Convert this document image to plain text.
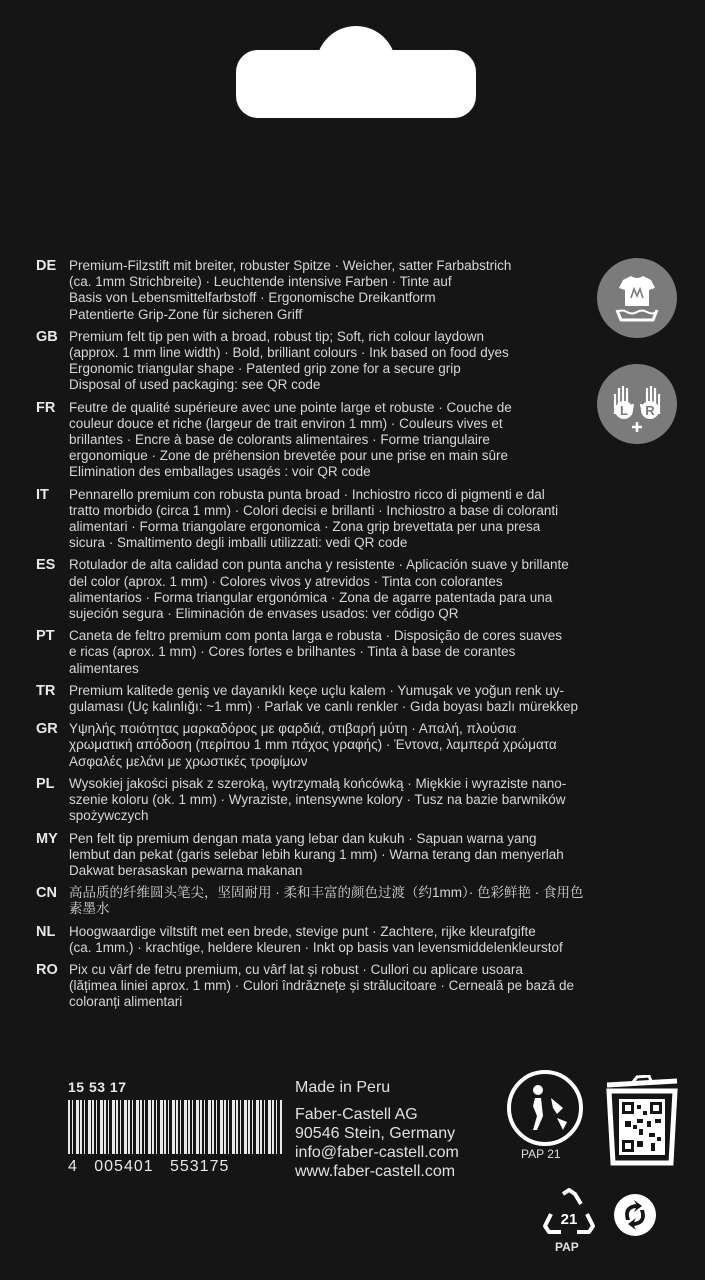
DE Premium-Filzstift mit breiter, robuster Spitze · Weicher, satter Farbabstrich
(ca. 1mm Strichbreite) · Leuchtende intensive Farben · Tinte auf
Basis von Lebensmittelfarbstoff · Ergonomische Dreikantform
Patentierte Grip-Zone für sicheren Griff
GB Premium felt tip pen with a broad, robust tip; Soft, rich colour laydown
(approx. 1 mm line width) · Bold, brilliant colours · Ink based on food dyes
Ergonomic triangular shape · Patented grip zone for a secure grip
Disposal of used packaging: see QR code
FR	Feutre de qualité supérieure avec une pointe large et robuste · Couche de
couleur douce et riche (largeur de trait environ 1 mm) · Couleurs vives et
brillantes · Encre à base de colorants alimentaires · Forme triangulaire
ergonomique · Zone de préhension brevetée pour une prise en main sûre
Elimination des emballages usagés : voir QR code
IT	Pennarello premium con robusta punta broad · Inchiostro ricco di pigmenti e dal
tratto morbido (circa 1 mm) · Colori decisi e brillanti · Inchiostro a base di coloranti
alimentari · Forma triangolare ergonomica · Zona grip brevettata per una presa
sicura · Smaltimento degli imballi utilizzati: vedi QR code
ES	Rotulador de alta calidad con punta ancha y resistente · Aplicación suave y brillante
del color (aprox. 1 mm) · Colores vivos y atrevidos · Tinta con colorantes
alimentarios · Forma triangular ergonómica · Zona de agarre patentada para una
sujeción segura · Eliminación de envases usados: ver código QR
PT	Caneta de feltro premium com ponta larga e robusta · Disposição de cores suaves
e ricas (aprox. 1 mm) · Cores fortes e brilhantes · Tinta à base de corantes
alimentares
TR	Premium kalitede geniş ve dayanıklı keçe uçlu kalem · Yumuşak ve yoğun renk uy-
gulaması (Uç kalınlığı: ~1 mm) · Parlak ve canlı renkler · Gıda boyası bazlı mürekkep
GR Υψηλής ποιότητας μαρκαδόρος με φαρδιά, στιβαρή μύτη · Απαλή, πλούσια
χρωματική απόδοση (περίπου 1 mm πάχος γραφής) · Έντονα, λαμπερά χρώματα
Ασφαλές μελάνι με χρωστικές τροφίμων
PL	Wysokiej jakości pisak z szeroką, wytrzymałą końcówką · Miękkie i wyraziste nano-
szenie koloru (ok. 1 mm) · Wyraziste, intensywne kolory · Tusz na bazie barwników
spożywczych
MY Pen felt tip premium dengan mata yang lebar dan kukuh · Sapuan warna yang
lembut dan pekat (garis selebar lebih kurang 1 mm) · Warna terang dan menyerlah
Dakwat berasaskan pewarna makanan
CN 高品质的纤维圆头笔尖，坚固耐用 · 柔和丰富的颜色过渡（约1mm）· 色彩鲜艳 · 食用色素墨水
NL	Hoogwaardige viltstift met een brede, stevige punt · Zachtere, rijke kleurafgifte
(ca. 1mm.) · krachtige, heldere kleuren · Inkt op basis van levensmiddelenkleurstof
RO Pix cu vârf de fetru premium, cu vârf lat și robust · Cullori cu aplicare usoara
(lățimea liniei aprox. 1 mm) · Culori îndrăznețe și strălucitoare · Cerneală pe bază de
coloranți alimentari
L R
15 53 17
4 005401 553175
Made in Peru
Faber-Castell AG
90546 Stein, Germany
info@faber-castell.com
www.faber-castell.com
PAP 21
21
PAP
